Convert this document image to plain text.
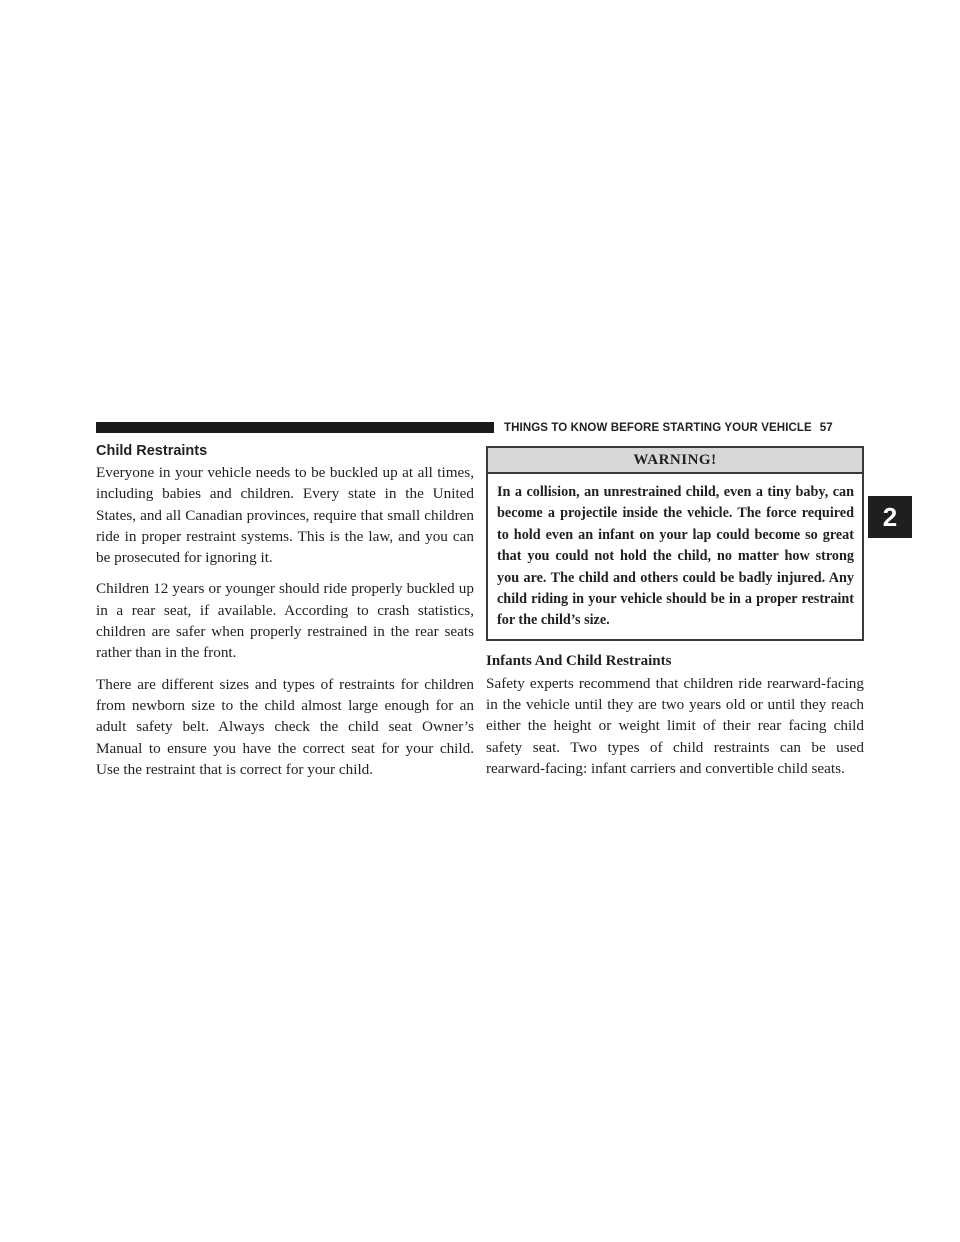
THINGS TO KNOW BEFORE STARTING YOUR VEHICLE 57
2
Child Restraints

Everyone in your vehicle needs to be buckled up at all times, including babies and children. Every state in the United States, and all Canadian provinces, require that small children ride in proper restraint systems. This is the law, and you can be prosecuted for ignoring it.

Children 12 years or younger should ride properly buckled up in a rear seat, if available. According to crash statistics, children are safer when properly restrained in the rear seats rather than in the front.

There are different sizes and types of restraints for children from newborn size to the child almost large enough for an adult safety belt. Always check the child seat Owner’s Manual to ensure you have the correct seat for your child. Use the restraint that is correct for your child.

WARNING!
In a collision, an unrestrained child, even a tiny baby, can become a projectile inside the vehicle. The force required to hold even an infant on your lap could become so great that you could not hold the child, no matter how strong you are. The child and others could be badly injured. Any child riding in your vehicle should be in a proper restraint for the child’s size.
Infants And Child Restraints

Safety experts recommend that children ride rearward-facing in the vehicle until they are two years old or until they reach either the height or weight limit of their rear facing child safety seat. Two types of child restraints can be used rearward-facing: infant carriers and convertible child seats.
